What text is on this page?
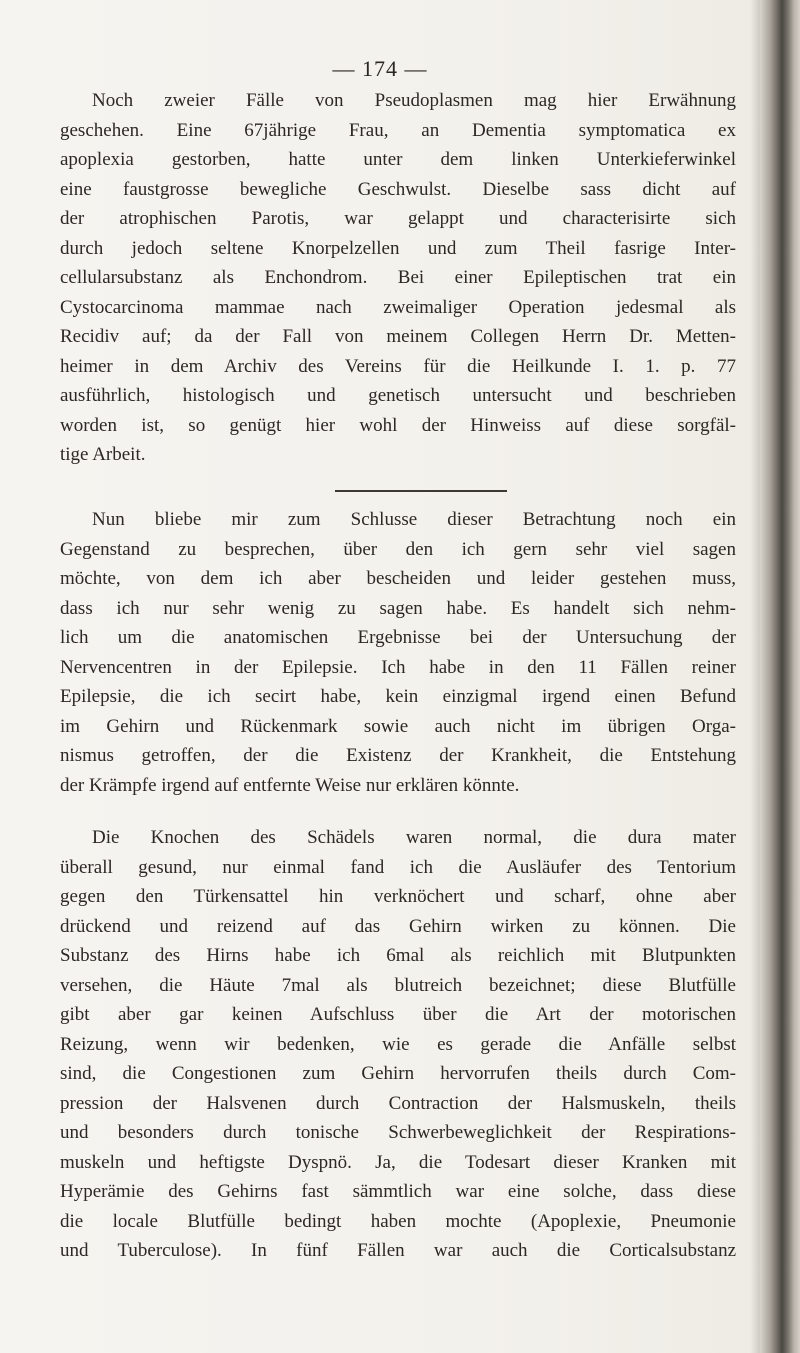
— 174 —
Noch zweier Fälle von Pseudoplasmen mag hier Erwähnung
geschehen. Eine 67jährige Frau, an Dementia symptomatica ex
apoplexia gestorben, hatte unter dem linken Unterkieferwinkel
eine faustgrosse bewegliche Geschwulst. Dieselbe sass dicht auf
der atrophischen Parotis, war gelappt und characterisirte sich
durch jedoch seltene Knorpelzellen und zum Theil fasrige Inter-
cellularsubstanz als Enchondrom. Bei einer Epileptischen trat ein
Cystocarcinoma mammae nach zweimaliger Operation jedesmal als
Recidiv auf; da der Fall von meinem Collegen Herrn Dr. Metten-
heimer in dem Archiv des Vereins für die Heilkunde I. 1. p. 77
ausführlich, histologisch und genetisch untersucht und beschrieben
worden ist, so genügt hier wohl der Hinweiss auf diese sorgfäl-
tige Arbeit.
Nun bliebe mir zum Schlusse dieser Betrachtung noch ein
Gegenstand zu besprechen, über den ich gern sehr viel sagen
möchte, von dem ich aber bescheiden und leider gestehen muss,
dass ich nur sehr wenig zu sagen habe. Es handelt sich nehm-
lich um die anatomischen Ergebnisse bei der Untersuchung der
Nervencentren in der Epilepsie. Ich habe in den 11 Fällen reiner
Epilepsie, die ich secirt habe, kein einzigmal irgend einen Befund
im Gehirn und Rückenmark sowie auch nicht im übrigen Orga-
nismus getroffen, der die Existenz der Krankheit, die Entstehung
der Krämpfe irgend auf entfernte Weise nur erklären könnte.
Die Knochen des Schädels waren normal, die dura mater
überall gesund, nur einmal fand ich die Ausläufer des Tentorium
gegen den Türkensattel hin verknöchert und scharf, ohne aber
drückend und reizend auf das Gehirn wirken zu können. Die
Substanz des Hirns habe ich 6mal als reichlich mit Blutpunkten
versehen, die Häute 7mal als blutreich bezeichnet; diese Blutfülle
gibt aber gar keinen Aufschluss über die Art der motorischen
Reizung, wenn wir bedenken, wie es gerade die Anfälle selbst
sind, die Congestionen zum Gehirn hervorrufen theils durch Com-
pression der Halsvenen durch Contraction der Halsmuskeln, theils
und besonders durch tonische Schwerbeweglichkeit der Respirations-
muskeln und heftigste Dyspnö. Ja, die Todesart dieser Kranken mit
Hyperämie des Gehirns fast sämmtlich war eine solche, dass diese
die locale Blutfülle bedingt haben mochte (Apoplexie, Pneumonie
und Tuberculose). In fünf Fällen war auch die Corticalsubstanz
